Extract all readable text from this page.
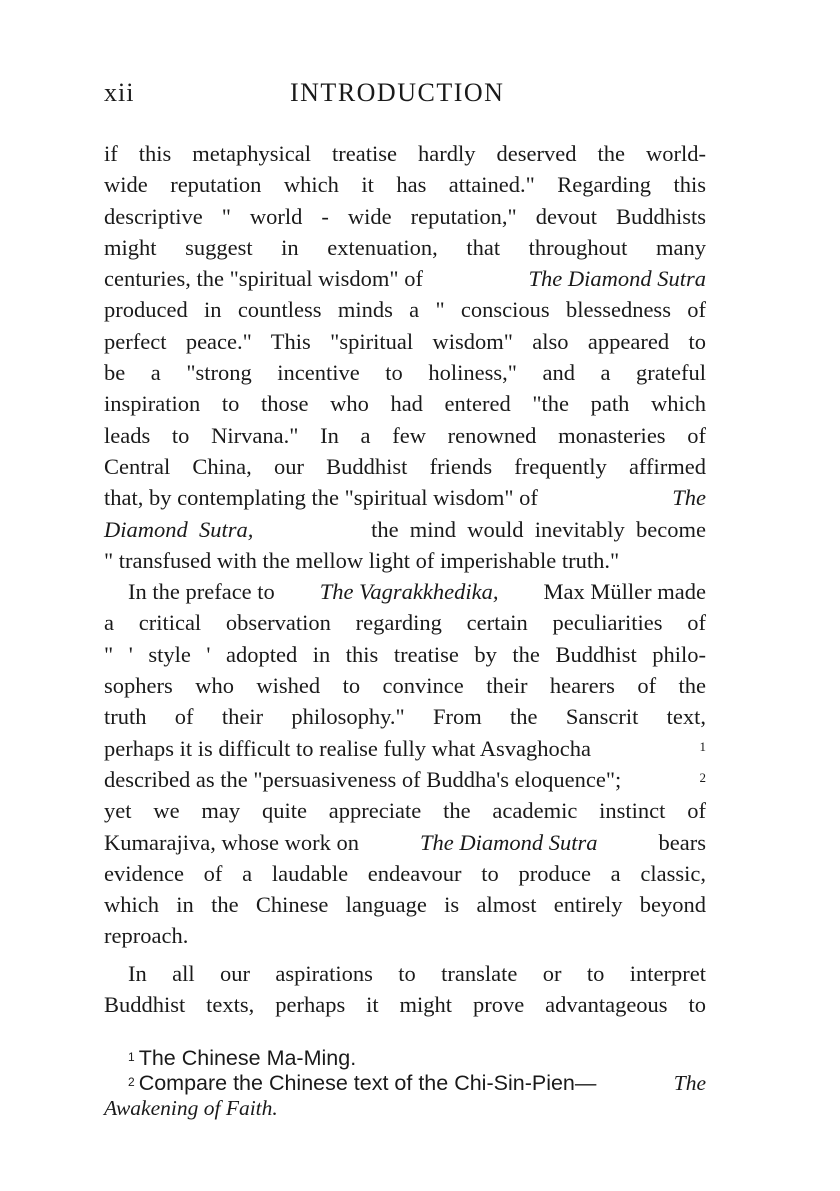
xii	INTRODUCTION
if this metaphysical treatise hardly deserved the world-
wide reputation which it has attained." Regarding this
descriptive " world - wide reputation," devout Buddhists
might suggest in extenuation, that throughout many
centuries, the "spiritual wisdom" of	The Diamond Sutra
produced in countless minds a " conscious blessedness of
perfect peace." This "spiritual wisdom" also appeared to
be a "strong incentive to holiness," and a grateful
inspiration to those who had entered "the path which
leads to Nirvana." In a few renowned monasteries of
Central China, our Buddhist friends frequently affirmed
that, by contemplating the "spiritual wisdom" of	The
Diamond  Sutra,	the  mind  would  inevitably  become
" transfused with the mellow light of imperishable truth."
In the preface to The Vagrakkhedika, Max Müller made
a critical observation regarding certain peculiarities of
" ' style ' adopted in this treatise by the Buddhist philo-
sophers who wished to convince their hearers of the
truth of their philosophy." From the Sanscrit text,
perhaps it is difficult to realise fully what Asvaghocha	$^1$
described as the "persuasiveness of Buddha's eloquence";	$^2$
yet we may quite appreciate the academic instinct of
Kumarajiva, whose work on The Diamond Sutra bears
evidence of a laudable endeavour to produce a classic,
which in the Chinese language is almost entirely beyond
reproach.
In all our aspirations to translate or to interpret
Buddhist texts, perhaps it might prove advantageous to
$^1$ The Chinese Ma-Ming.
$^2$ Compare the Chinese text of the Chi-Sin-Pien—	The
Awakening of Faith.
